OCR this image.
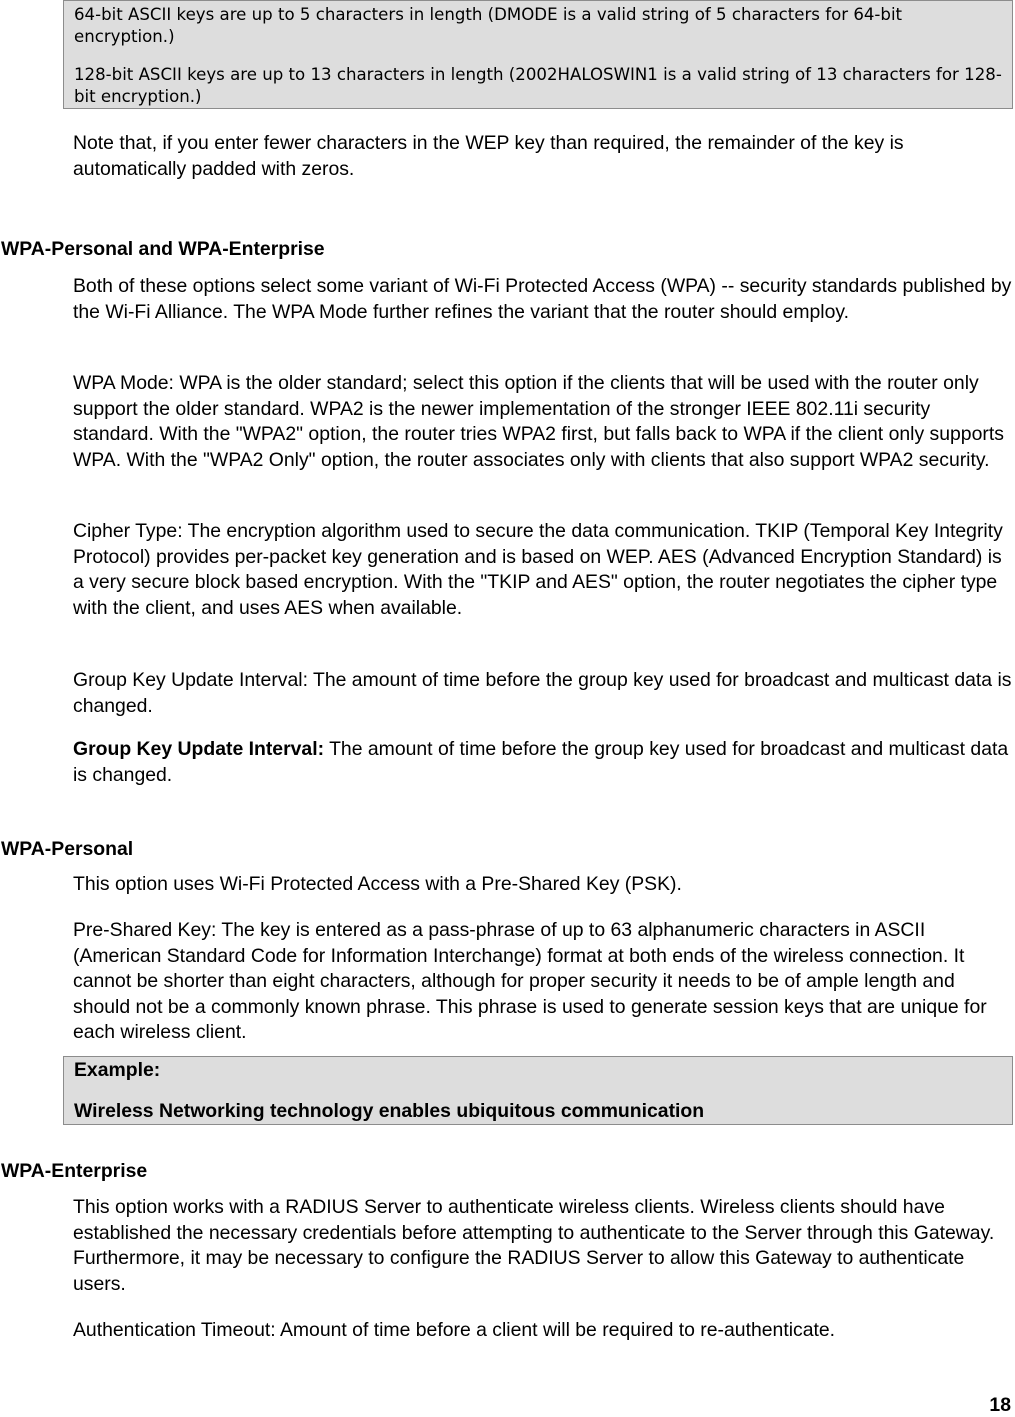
64-bit ASCII keys are up to 5 characters in length (DMODE is a valid string of 5 characters for 64-bit encryption.)

128-bit ASCII keys are up to 13 characters in length (2002HALOSWIN1 is a valid string of 13 characters for 128-bit encryption.)

Note that, if you enter fewer characters in the WEP key than required, the remainder of the key is automatically padded with zeros.

WPA-Personal and WPA-Enterprise

Both of these options select some variant of Wi-Fi Protected Access (WPA) -- security standards published by the Wi-Fi Alliance. The WPA Mode further refines the variant that the router should employ.

WPA Mode: WPA is the older standard; select this option if the clients that will be used with the router only support the older standard. WPA2 is the newer implementation of the stronger IEEE 802.11i security standard. With the "WPA2" option, the router tries WPA2 first, but falls back to WPA if the client only supports WPA. With the "WPA2 Only" option, the router associates only with clients that also support WPA2 security.

Cipher Type: The encryption algorithm used to secure the data communication. TKIP (Temporal Key Integrity Protocol) provides per-packet key generation and is based on WEP. AES (Advanced Encryption Standard) is a very secure block based encryption. With the "TKIP and AES" option, the router negotiates the cipher type with the client, and uses AES when available.

Group Key Update Interval: The amount of time before the group key used for broadcast and multicast data is changed.

Group Key Update Interval: The amount of time before the group key used for broadcast and multicast data is changed.

WPA-Personal

This option uses Wi-Fi Protected Access with a Pre-Shared Key (PSK).

Pre-Shared Key: The key is entered as a pass-phrase of up to 63 alphanumeric characters in ASCII (American Standard Code for Information Interchange) format at both ends of the wireless connection. It cannot be shorter than eight characters, although for proper security it needs to be of ample length and should not be a commonly known phrase. This phrase is used to generate session keys that are unique for each wireless client.

Example:

Wireless Networking technology enables ubiquitous communication

WPA-Enterprise

This option works with a RADIUS Server to authenticate wireless clients. Wireless clients should have established the necessary credentials before attempting to authenticate to the Server through this Gateway. Furthermore, it may be necessary to configure the RADIUS Server to allow this Gateway to authenticate users.

Authentication Timeout: Amount of time before a client will be required to re-authenticate.

18
